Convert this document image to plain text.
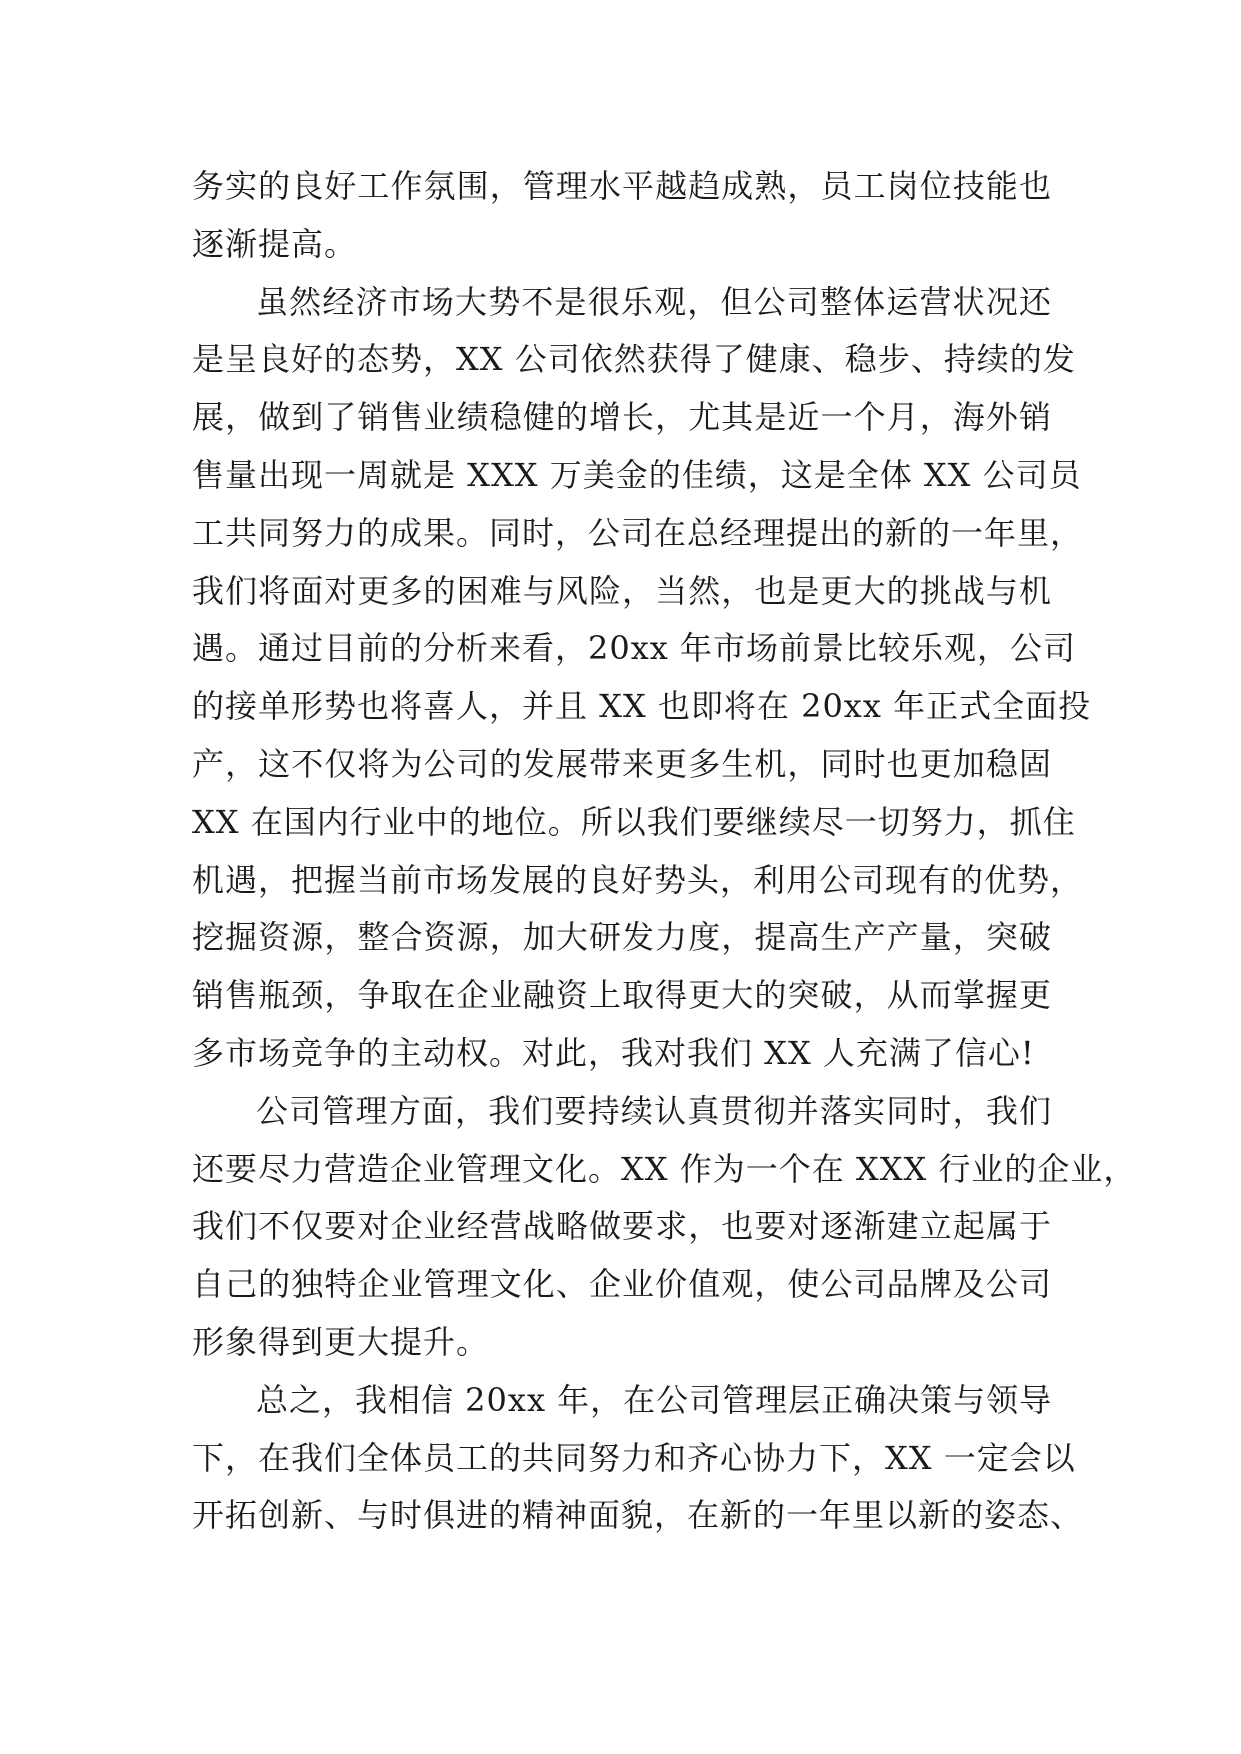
务实的良好工作氛围，管理水平越趋成熟，员工岗位技能也
逐渐提高。
虽然经济市场大势不是很乐观，但公司整体运营状况还
是呈良好的态势，XX 公司依然获得了健康、稳步、持续的发
展，做到了销售业绩稳健的增长，尤其是近一个月，海外销
售量出现一周就是 XXX 万美金的佳绩，这是全体 XX 公司员
工共同努力的成果。同时，公司在总经理提出的新的一年里，
我们将面对更多的困难与风险，当然，也是更大的挑战与机
遇。通过目前的分析来看，20xx 年市场前景比较乐观，公司
的接单形势也将喜人，并且 XX 也即将在 20xx 年正式全面投
产，这不仅将为公司的发展带来更多生机，同时也更加稳固
XX 在国内行业中的地位。所以我们要继续尽一切努力，抓住
机遇，把握当前市场发展的良好势头，利用公司现有的优势，
挖掘资源，整合资源，加大研发力度，提高生产产量，突破
销售瓶颈，争取在企业融资上取得更大的突破，从而掌握更
多市场竞争的主动权。对此，我对我们 XX 人充满了信心!
公司管理方面，我们要持续认真贯彻并落实同时，我们
还要尽力营造企业管理文化。XX 作为一个在 XXX 行业的企业，
我们不仅要对企业经营战略做要求，也要对逐渐建立起属于
自己的独特企业管理文化、企业价值观，使公司品牌及公司
形象得到更大提升。
总之，我相信 20xx 年，在公司管理层正确决策与领导
下，在我们全体员工的共同努力和齐心协力下，XX 一定会以
开拓创新、与时俱进的精神面貌，在新的一年里以新的姿态、
